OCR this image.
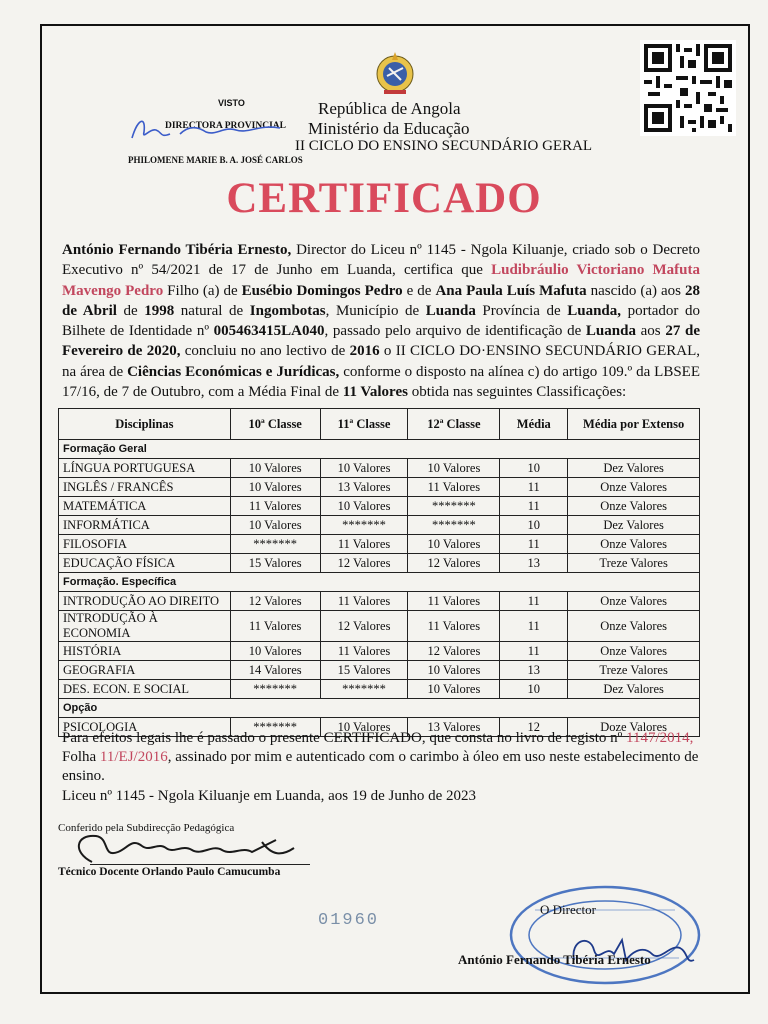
VISTO
DIRECTORA PROVINCIAL
PHILOMENE MARIE B. A. JOSÉ CARLOS
República de Angola
Ministério da Educação
II CICLO DO ENSINO SECUNDÁRIO GERAL
CERTIFICADO
António Fernando Tibéria Ernesto, Director do Liceu nº 1145 - Ngola Kiluanje, criado sob o Decreto Executivo nº 54/2021 de 17 de Junho em Luanda, certifica que Ludibráulio Victoriano Mafuta Mavengo Pedro Filho (a) de Eusébio Domingos Pedro e de Ana Paula Luís Mafuta nascido (a) aos 28 de Abril de 1998 natural de Ingombotas, Município de Luanda Província de Luanda, portador do Bilhete de Identidade nº 005463415LA040, passado pelo arquivo de identificação de Luanda aos 27 de Fevereiro de 2020, concluiu no ano lectivo de 2016 o II CICLO DO·ENSINO SECUNDÁRIO GERAL, na área de Ciências Económicas e Jurídicas, conforme o disposto na alínea c) do artigo 109.º da LBSEE 17/16, de 7 de Outubro, com a Média Final de 11 Valores obtida nas seguintes Classificações:
Disciplinas	10ª Classe	11ª Classe	12ª Classe	Média	Média por Extenso
Formação Geral					
LÍNGUA PORTUGUESA	10 Valores	10 Valores	10 Valores	10	Dez Valores
INGLÊS / FRANCÊS	10 Valores	13 Valores	11 Valores	11	Onze Valores
MATEMÁTICA	11 Valores	10 Valores	*******	11	Onze Valores
INFORMÁTICA	10 Valores	*******	*******	10	Dez Valores
FILOSOFIA	*******	11 Valores	10 Valores	11	Onze Valores
EDUCAÇÃO FÍSICA	15 Valores	12 Valores	12 Valores	13	Treze Valores
Formação. Específica					
INTRODUÇÃO AO DIREITO	12 Valores	11 Valores	11 Valores	11	Onze Valores
INTRODUÇÃO À ECONOMIA	11 Valores	12 Valores	11 Valores	11	Onze Valores
HISTÓRIA	10 Valores	11 Valores	12 Valores	11	Onze Valores
GEOGRAFIA	14 Valores	15 Valores	10 Valores	13	Treze Valores
DES. ECON. E SOCIAL	*******	*******	10 Valores	10	Dez Valores
Opção					
PSICOLOGIA	*******	10 Valores	13 Valores	12	Doze Valores
Para efeitos legais lhe é passado o presente CERTIFICADO, que consta no livro de registo nº 1147/2014,
Folha 11/EJ/2016, assinado por mim e autenticado com o carimbo à óleo em uso neste estabelecimento de ensino.
Liceu nº 1145 - Ngola Kiluanje em Luanda, aos 19 de Junho de 2023
Conferido pela Subdirecção Pedagógica
Técnico Docente Orlando Paulo Camucumba
01960
O Director
António Fernando Tibéria Ernesto
